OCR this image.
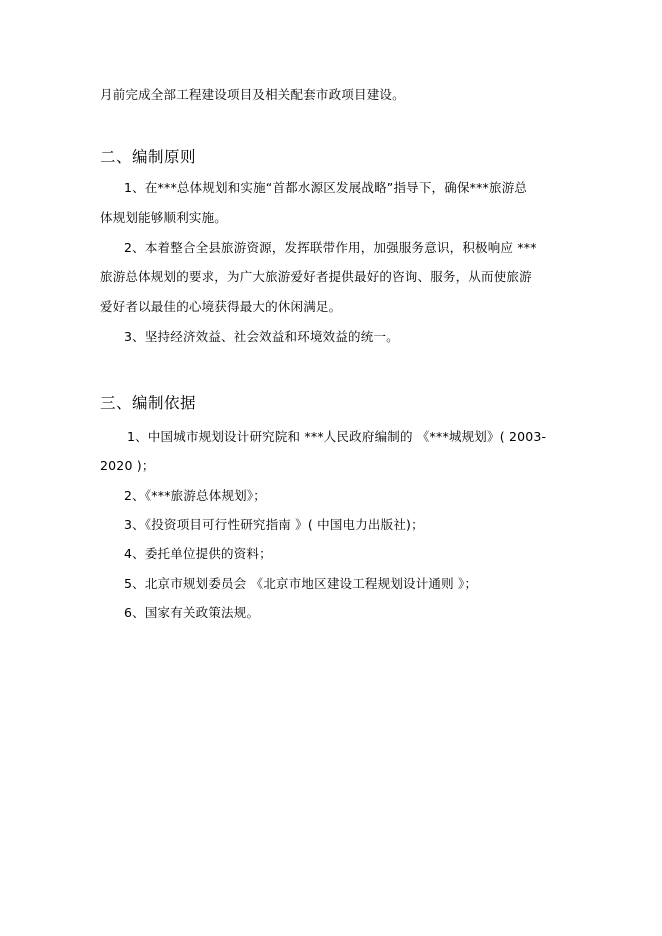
月前完成全部工程建设项目及相关配套市政项目建设。
二、编制原则
1、在***总体规划和实施“首都水源区发展战略”指导下，确保***旅游总
体规划能够顺利实施。
2、本着整合全县旅游资源，发挥联带作用，加强服务意识，积极响应 ***
旅游总体规划的要求，为广大旅游爱好者提供最好的咨询、服务，从而使旅游
爱好者以最佳的心境获得最大的休闲满足。
3、坚持经济效益、社会效益和环境效益的统一。
三、编制依据
1、中国城市规划设计研究院和 ***人民政府编制的 《***城规划》( 2003-
2020 )；
2、《***旅游总体规划》；
3、《投资项目可行性研究指南 》( 中国电力出版社)；
4、委托单位提供的资料；
5、北京市规划委员会 《北京市地区建设工程规划设计通则 》；
6、国家有关政策法规。
